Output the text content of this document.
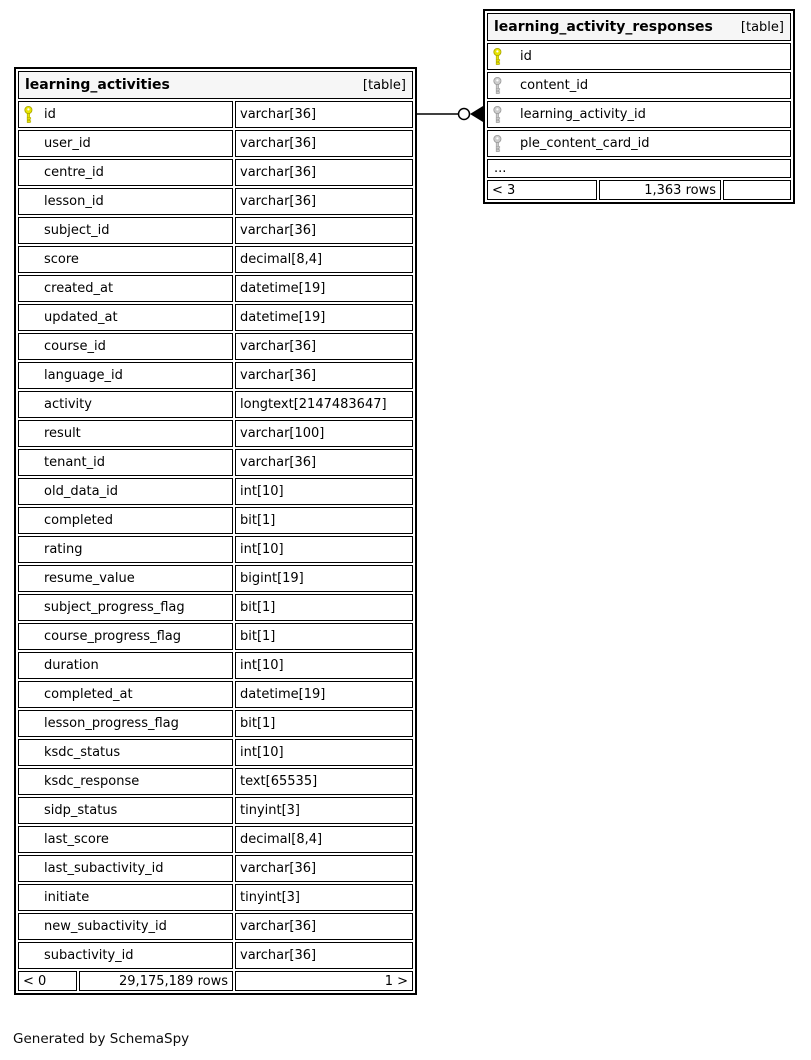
learning_activities [table]		

id		varchar[36]
user_id		varchar[36]
centre_id		varchar[36]
lesson_id		varchar[36]
subject_id		varchar[36]
score		decimal[8,4]
created_at		datetime[19]
updated_at		datetime[19]
course_id		varchar[36]
language_id		varchar[36]
activity		longtext[2147483647]
result		varchar[100]
tenant_id		varchar[36]
old_data_id		int[10]
completed		bit[1]
rating		int[10]
resume_value		bigint[19]
subject_progress_flag		bit[1]
course_progress_flag		bit[1]
duration		int[10]
completed_at		datetime[19]
lesson_progress_flag		bit[1]
ksdc_status		int[10]
ksdc_response		text[65535]
sidp_status		tinyint[3]
last_score		decimal[8,4]
last_subactivity_id		varchar[36]
initiate		tinyint[3]
new_subactivity_id		varchar[36]
subactivity_id		varchar[36]
< 0	29,175,189 rows	1 >
learning_activity_responses [table]

id
content_id
learning_activity_id
ple_content_card_id
...
< 3	1,363 rows	
Generated by SchemaSpy
